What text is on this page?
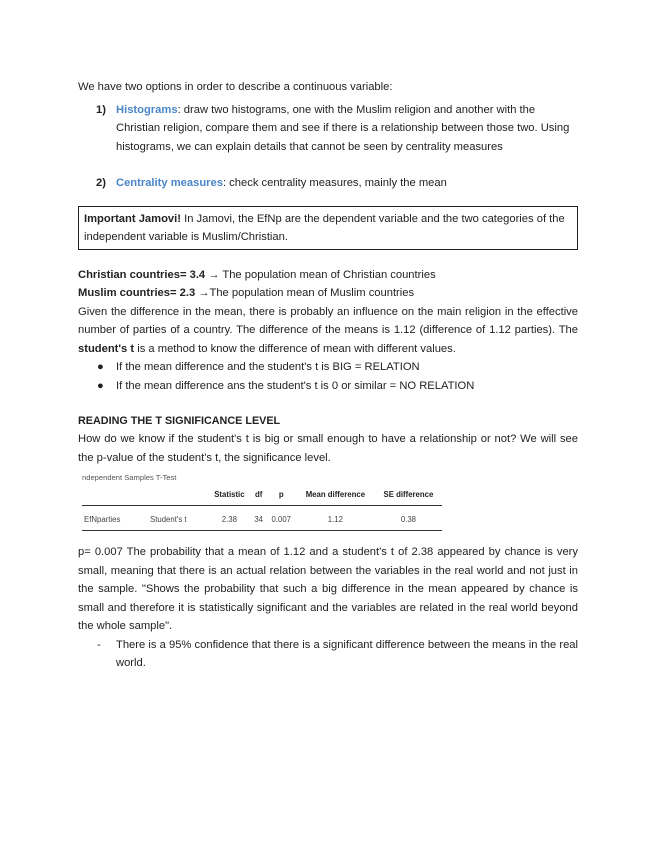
We have two options in order to describe a continuous variable:

1) Histograms: draw two histograms, one with the Muslim religion and another with the Christian religion, compare them and see if there is a relationship between those two. Using histograms, we can explain details that cannot be seen by centrality measures
2) Centrality measures: check centrality measures, mainly the mean
Important Jamovi! In Jamovi, the EfNp are the dependent variable and the two categories of the independent variable is Muslim/Christian.

Christian countries= 3.4 → The population mean of Christian countries

Muslim countries= 2.3 →The population mean of Muslim countries

Given the difference in the mean, there is probably an influence on the main religion in the effective number of parties of a country. The difference of the means is 1.12 (difference of 1.12 parties). The student's t is a method to know the difference of mean with different values.

● If the mean difference and the student's t is BIG = RELATION
● If the mean difference ans the student's t is 0 or similar = NO RELATION
READING THE T SIGNIFICANCE LEVEL

How do we know if the student's t is big or small enough to have a relationship or not? We will see the p-value of the student's t, the significance level.

ndependent Samples T-Test
		Statistic	df	p	Mean difference	SE difference
EfNparties	Student's t	2.38	34	0.007	1.12	0.38

p= 0.007 The probability that a mean of 1.12 and a student's t of 2.38 appeared by chance is very small, meaning that there is an actual relation between the variables in the real world and not just in the sample. "Shows the probability that such a big difference in the mean appeared by chance is small and therefore it is statistically significant and the variables are related in the real world beyond the whole sample".

- There is a 95% confidence that there is a significant difference between the means in the real world.
